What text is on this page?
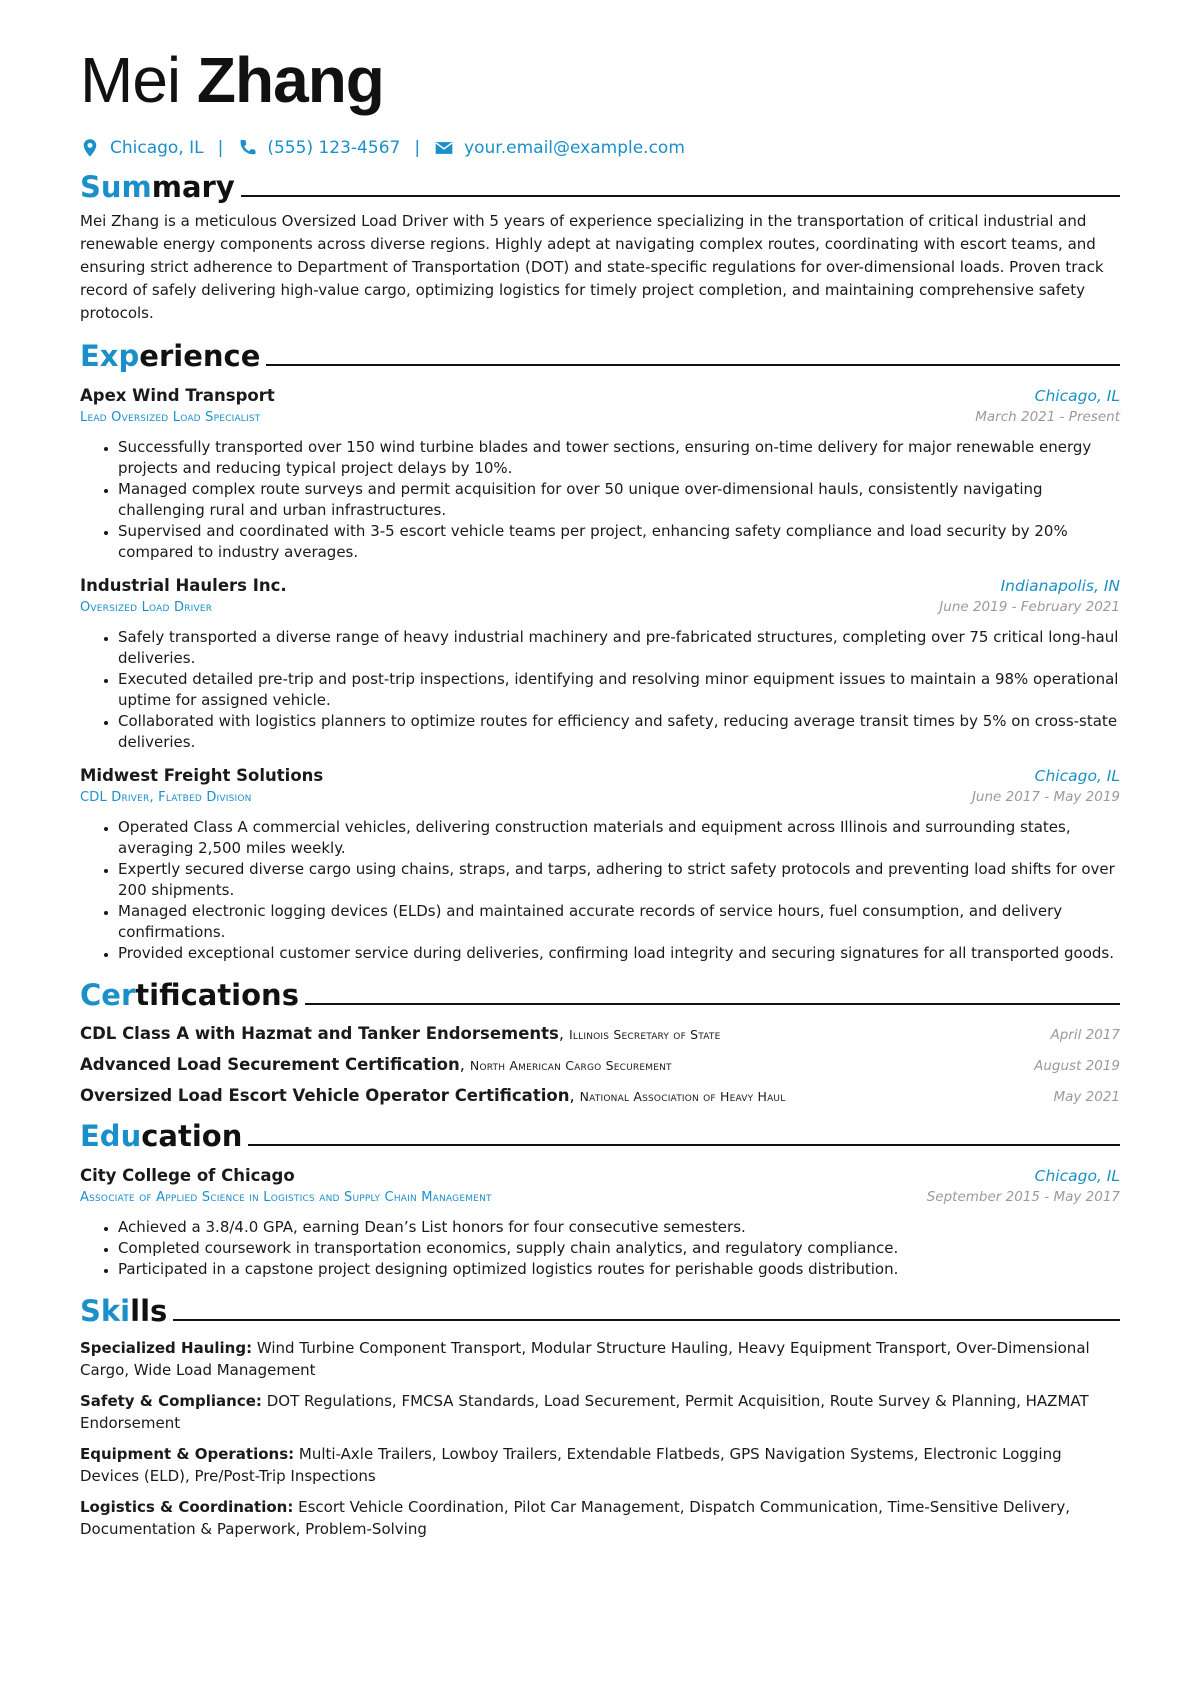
Mei Zhang
Chicago, IL |	(555) 123-4567 |	your.email@example.com
Summary

Mei Zhang is a meticulous Oversized Load Driver with 5 years of experience specializing in the transportation of critical industrial and renewable energy components across diverse regions. Highly adept at navigating complex routes, coordinating with escort teams, and ensuring strict adherence to Department of Transportation (DOT) and state-specific regulations for over-dimensional loads. Proven track record of safely delivering high-value cargo, optimizing logistics for timely project completion, and maintaining comprehensive safety protocols.

Experience
Apex Wind Transport	Chicago, IL
Lead Oversized Load Specialist	March 2021 - Present
• Successfully transported over 150 wind turbine blades and tower sections, ensuring on-time delivery for major renewable energy projects and reducing typical project delays by 10%.
• Managed complex route surveys and permit acquisition for over 50 unique over-dimensional hauls, consistently navigating challenging rural and urban infrastructures.
• Supervised and coordinated with 3-5 escort vehicle teams per project, enhancing safety compliance and load security by 20% compared to industry averages.
Industrial Haulers Inc.	Indianapolis, IN
Oversized Load Driver	June 2019 - February 2021
• Safely transported a diverse range of heavy industrial machinery and pre-fabricated structures, completing over 75 critical long-haul deliveries.
• Executed detailed pre-trip and post-trip inspections, identifying and resolving minor equipment issues to maintain a 98% operational uptime for assigned vehicle.
• Collaborated with logistics planners to optimize routes for efficiency and safety, reducing average transit times by 5% on cross-state deliveries.
Midwest Freight Solutions	Chicago, IL
CDL Driver, Flatbed Division	June 2017 - May 2019
• Operated Class A commercial vehicles, delivering construction materials and equipment across Illinois and surrounding states, averaging 2,500 miles weekly.
• Expertly secured diverse cargo using chains, straps, and tarps, adhering to strict safety protocols and preventing load shifts for over 200 shipments.
• Managed electronic logging devices (ELDs) and maintained accurate records of service hours, fuel consumption, and delivery confirmations.
• Provided exceptional customer service during deliveries, confirming load integrity and securing signatures for all transported goods.
Certifications
CDL Class A with Hazmat and Tanker Endorsements, Illinois Secretary of State	April 2017
Advanced Load Securement Certification, North American Cargo Securement	August 2019
Oversized Load Escort Vehicle Operator Certification, National Association of Heavy Haul	May 2021
Education
City College of Chicago	Chicago, IL
Associate of Applied Science in Logistics and Supply Chain Management	September 2015 - May 2017
• Achieved a 3.8/4.0 GPA, earning Dean’s List honors for four consecutive semesters.
• Completed coursework in transportation economics, supply chain analytics, and regulatory compliance.
• Participated in a capstone project designing optimized logistics routes for perishable goods distribution.
Skills
Specialized Hauling: Wind Turbine Component Transport, Modular Structure Hauling, Heavy Equipment Transport, Over-Dimensional Cargo, Wide Load Management
Safety & Compliance: DOT Regulations, FMCSA Standards, Load Securement, Permit Acquisition, Route Survey & Planning, HAZMAT Endorsement
Equipment & Operations: Multi-Axle Trailers, Lowboy Trailers, Extendable Flatbeds, GPS Navigation Systems, Electronic Logging Devices (ELD), Pre/Post-Trip Inspections
Logistics & Coordination: Escort Vehicle Coordination, Pilot Car Management, Dispatch Communication, Time-Sensitive Delivery, Documentation & Paperwork, Problem-Solving
